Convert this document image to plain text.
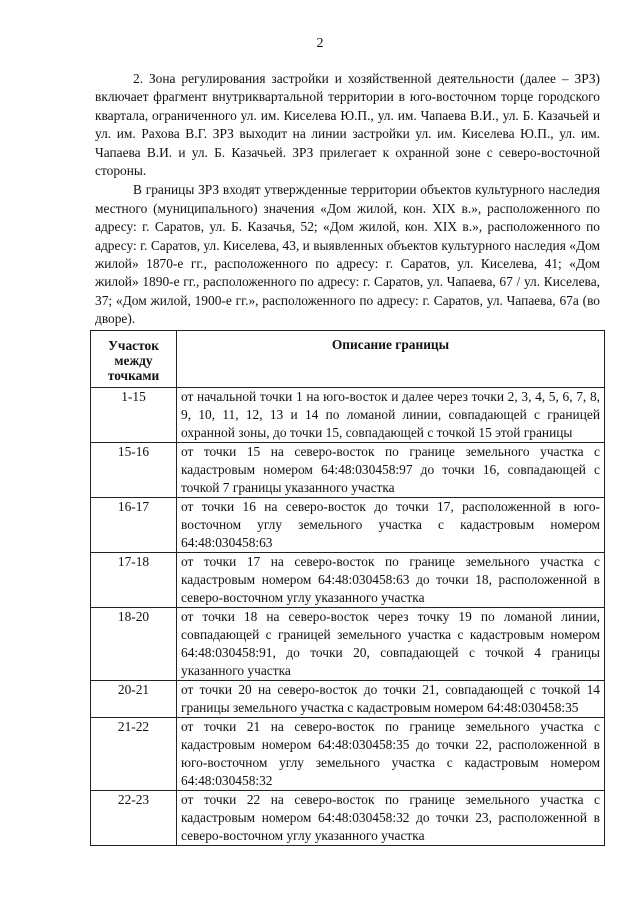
2

2. Зона регулирования застройки и хозяйственной деятельности (далее – ЗРЗ) включает фрагмент внутриквартальной территории в юго-восточном торце городского квартала, ограниченного ул. им. Киселева Ю.П., ул. им. Чапаева В.И., ул. Б. Казачьей и ул. им. Рахова В.Г. ЗРЗ выходит на линии застройки ул. им. Киселева Ю.П., ул. им. Чапаева В.И. и ул. Б. Казачьей. ЗРЗ прилегает к охранной зоне с северо-восточной стороны.

В границы ЗРЗ входят утвержденные территории объектов культурного наследия местного (муниципального) значения «Дом жилой, кон. XIX в.», расположенного по адресу: г. Саратов, ул. Б. Казачья, 52; «Дом жилой, кон. XIX в.», расположенного по адресу: г. Саратов, ул. Киселева, 43, и выявленных объектов культурного наследия «Дом жилой» 1870-е гг., расположенного по адресу: г. Саратов, ул. Киселева, 41; «Дом жилой» 1890-е гг., расположенного по адресу: г. Саратов, ул. Чапаева, 67 / ул. Киселева, 37; «Дом жилой, 1900-е гг.», расположенного по адресу: г. Саратов, ул. Чапаева, 67а (во дворе).

Участок между точками	Описание границы
1-15	от начальной точки 1 на юго-восток и далее через точки 2, 3, 4, 5, 6, 7, 8, 9, 10, 11, 12, 13 и 14 по ломаной линии, совпадающей с границей охранной зоны, до точки 15, совпадающей с точкой 15 этой границы
15-16	от точки 15 на северо-восток по границе земельного участка с кадастровым номером 64:48:030458:97 до точки 16, совпадающей с точкой 7 границы указанного участка
16-17	от точки 16 на северо-восток до точки 17, расположенной в юго-восточном углу земельного участка с кадастровым номером 64:48:030458:63
17-18	от точки 17 на северо-восток по границе земельного участка с кадастровым номером 64:48:030458:63 до точки 18, расположенной в северо-восточном углу указанного участка
18-20	от точки 18 на северо-восток через точку 19 по ломаной линии, совпадающей с границей земельного участка с кадастровым номером 64:48:030458:91, до точки 20, совпадающей с точкой 4 границы указанного участка
20-21	от точки 20 на северо-восток до точки 21, совпадающей с точкой 14 границы земельного участка с кадастровым номером 64:48:030458:35
21-22	от точки 21 на северо-восток по границе земельного участка с кадастровым номером 64:48:030458:35 до точки 22, расположенной в юго-восточном углу земельного участка с кадастровым номером 64:48:030458:32
22-23	от точки 22 на северо-восток по границе земельного участка с кадастровым номером 64:48:030458:32 до точки 23, расположенной в северо-восточном углу указанного участка
